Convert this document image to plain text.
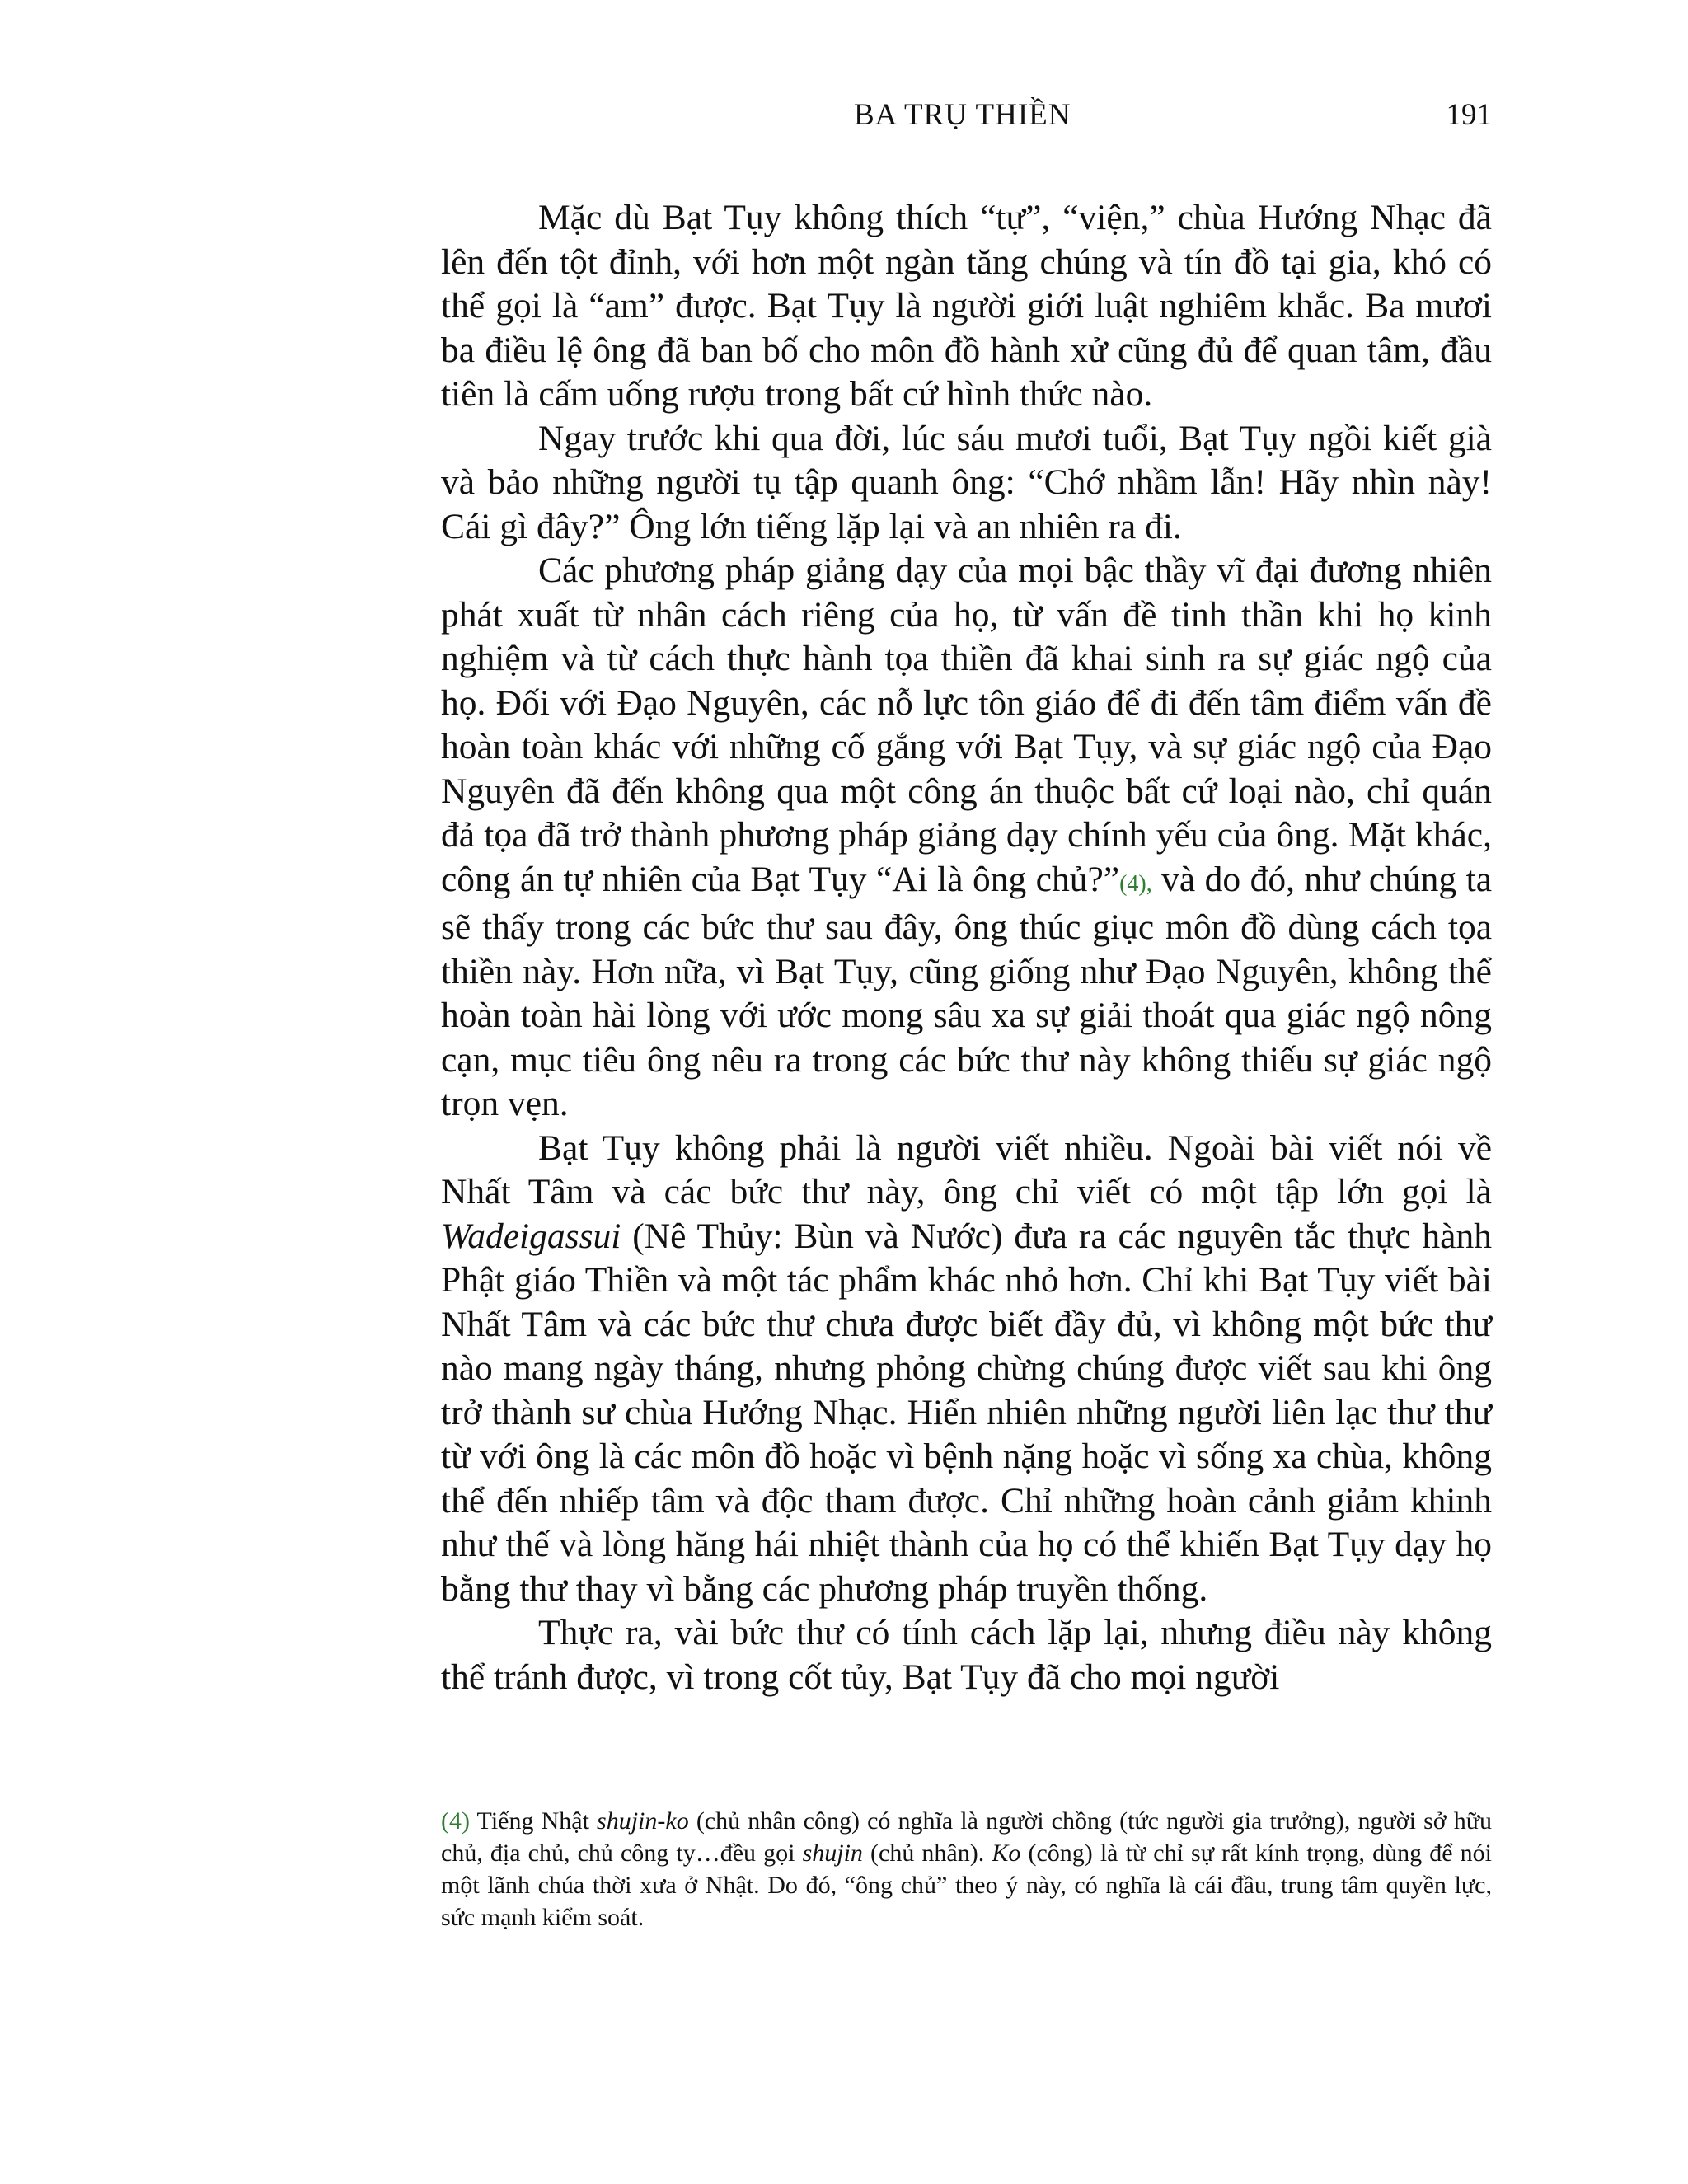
BA TRỤ THIỀN	191

Mặc dù Bạt Tụy không thích “tự”, “viện,” chùa Hướng Nhạc đã lên đến tột đỉnh, với hơn một ngàn tăng chúng và tín đồ tại gia, khó có thể gọi là “am” được. Bạt Tụy là người giới luật nghiêm khắc. Ba mươi ba điều lệ ông đã ban bố cho môn đồ hành xử cũng đủ để quan tâm, đầu tiên là cấm uống rượu trong bất cứ hình thức nào.

Ngay trước khi qua đời, lúc sáu mươi tuổi, Bạt Tụy ngồi kiết già và bảo những người tụ tập quanh ông: “Chớ nhầm lẫn! Hãy nhìn này! Cái gì đây?” Ông lớn tiếng lặp lại và an nhiên ra đi.

Các phương pháp giảng dạy của mọi bậc thầy vĩ đại đương nhiên phát xuất từ nhân cách riêng của họ, từ vấn đề tinh thần khi họ kinh nghiệm và từ cách thực hành tọa thiền đã khai sinh ra sự giác ngộ của họ. Đối với Đạo Nguyên, các nỗ lực tôn giáo để đi đến tâm điểm vấn đề hoàn toàn khác với những cố gắng với Bạt Tụy, và sự giác ngộ của Đạo Nguyên đã đến không qua một công án thuộc bất cứ loại nào, chỉ quán đả tọa đã trở thành phương pháp giảng dạy chính yếu của ông. Mặt khác, công án tự nhiên của Bạt Tụy “Ai là ông chủ?”(4), và do đó, như chúng ta sẽ thấy trong các bức thư sau đây, ông thúc giục môn đồ dùng cách tọa thiền này. Hơn nữa, vì Bạt Tụy, cũng giống như Đạo Nguyên, không thể hoàn toàn hài lòng với ước mong sâu xa sự giải thoát qua giác ngộ nông cạn, mục tiêu ông nêu ra trong các bức thư này không thiếu sự giác ngộ trọn vẹn.

Bạt Tụy không phải là người viết nhiều. Ngoài bài viết nói về Nhất Tâm và các bức thư này, ông chỉ viết có một tập lớn gọi là Wadeigassui (Nê Thủy: Bùn và Nước) đưa ra các nguyên tắc thực hành Phật giáo Thiền và một tác phẩm khác nhỏ hơn. Chỉ khi Bạt Tụy viết bài Nhất Tâm và các bức thư chưa được biết đầy đủ, vì không một bức thư nào mang ngày tháng, nhưng phỏng chừng chúng được viết sau khi ông trở thành sư chùa Hướng Nhạc. Hiển nhiên những người liên lạc thư thư từ với ông là các môn đồ hoặc vì bệnh nặng hoặc vì sống xa chùa, không thể đến nhiếp tâm và độc tham được. Chỉ những hoàn cảnh giảm khinh như thế và lòng hăng hái nhiệt thành của họ có thể khiến Bạt Tụy dạy họ bằng thư thay vì bằng các phương pháp truyền thống.

Thực ra, vài bức thư có tính cách lặp lại, nhưng điều này không thể tránh được, vì trong cốt tủy, Bạt Tụy đã cho mọi người

(4) Tiếng Nhật shujin-ko (chủ nhân công) có nghĩa là người chồng (tức người gia trưởng), người sở hữu chủ, địa chủ, chủ công ty…đều gọi shujin (chủ nhân). Ko (công) là từ chỉ sự rất kính trọng, dùng để nói một lãnh chúa thời xưa ở Nhật. Do đó, “ông chủ” theo ý này, có nghĩa là cái đầu, trung tâm quyền lực, sức mạnh kiểm soát.
